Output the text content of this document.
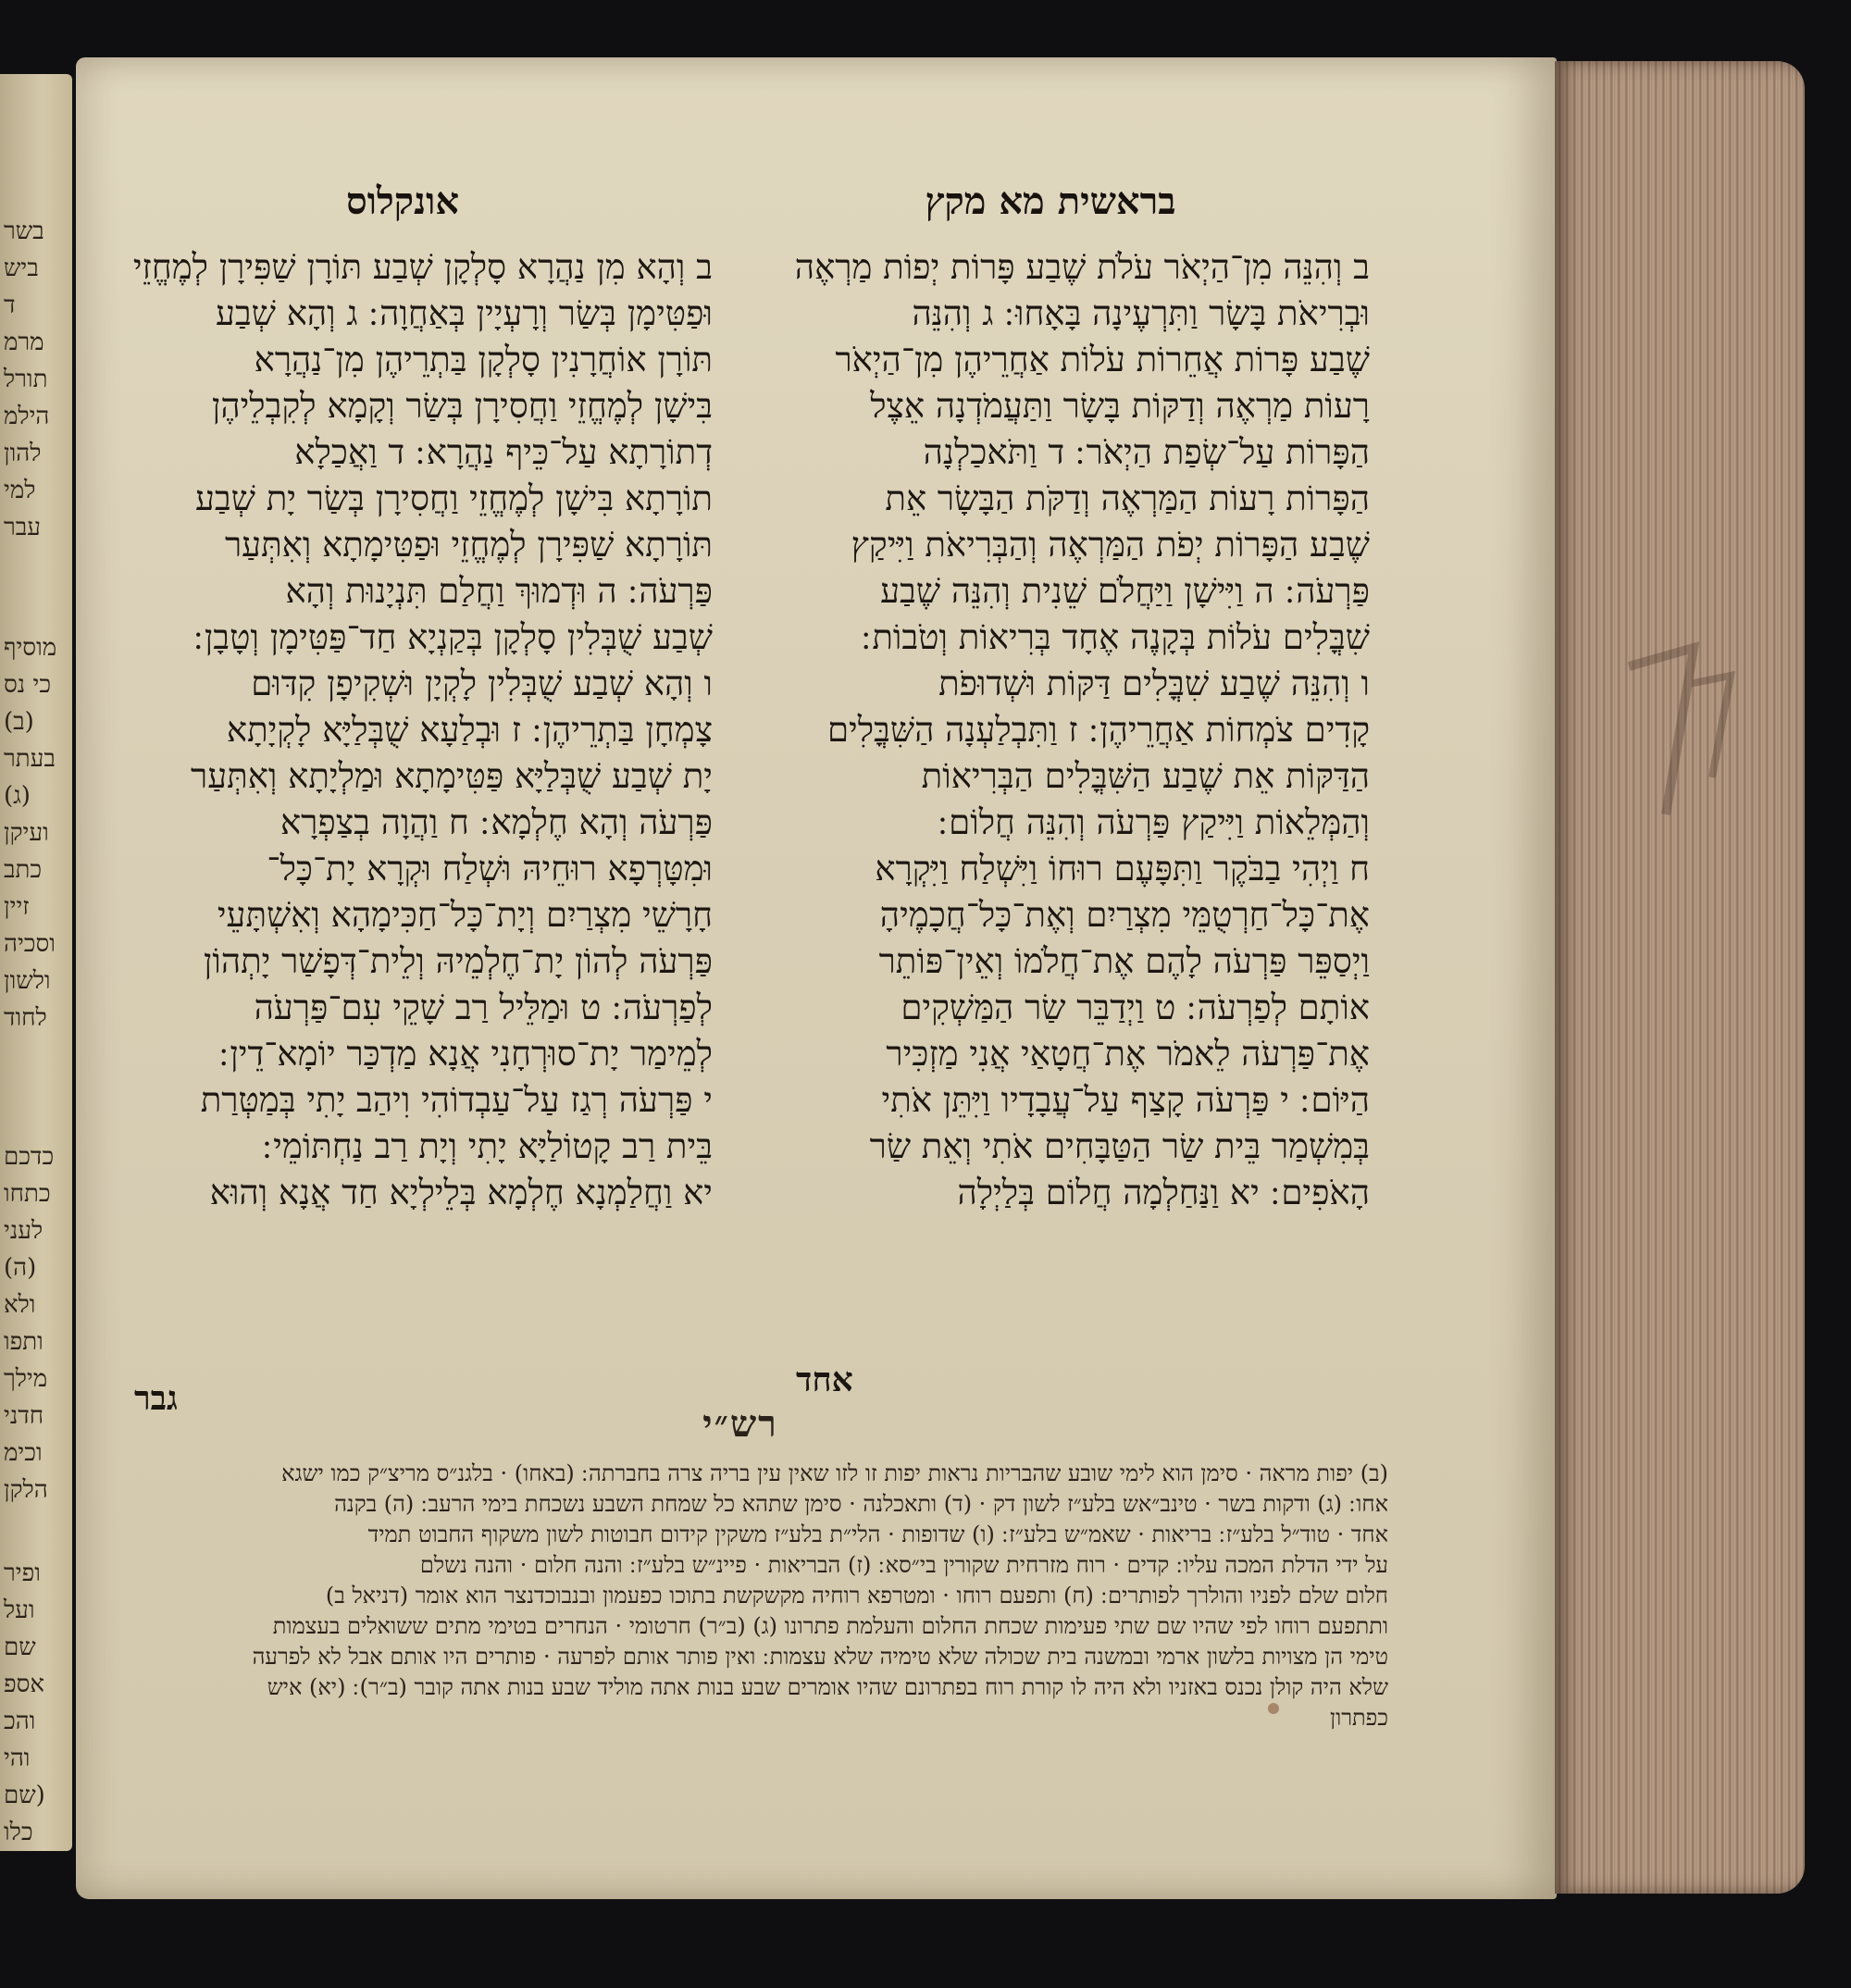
בשר
ביש
ד
מרמ
תורל
הילמ
להון
למי
עבר
מוסיף
כי נס
(ב)
בעתר
(ג)
ועיקן
כתב
זיין
וסכיה
ולשון
לחוד
כדכם
כתחו
לעני
(ה)
ולא
ותפו
מילך
חדני
וכימ
הלקן
ופיר
ועל
שם
אספ
והכ
והי
(שם
כלו
בראשית מא מקץ
ב וְהִנֵּה מִן־הַיְאֹר עֹלֹת שֶׁבַע פָּרוֹת יְפוֹת מַרְאֶה
וּבְרִיאֹת בָּשָׂר וַתִּרְעֶינָה בָּאָחוּ ׃ ג וְהִנֵּה
שֶׁבַע פָּרוֹת אֲחֵרוֹת עֹלוֹת אַחֲרֵיהֶן מִן־הַיְאֹר
רָעוֹת מַרְאֶה וְדַקּוֹת בָּשָׂר וַתַּעֲמֹדְנָה אֵצֶל
הַפָּרוֹת עַל־שְׂפַת הַיְאֹר ׃ ד וַתֹּאכַלְנָה
הַפָּרוֹת רָעוֹת הַמַּרְאֶה וְדַקֹּת הַבָּשָׂר אֵת
שֶׁבַע הַפָּרוֹת יְפֹת הַמַּרְאֶה וְהַבְּרִיאֹת וַיִּיקַץ
פַּרְעֹה ׃ ה וַיִּישָׁן וַיַּחֲלֹם שֵׁנִית וְהִנֵּה שֶׁבַע
שִׁבֳּלִים עֹלוֹת בְּקָנֶה אֶחָד בְּרִיאוֹת וְטֹבוֹת ׃
ו וְהִנֵּה שֶׁבַע שִׁבֳּלִים דַּקּוֹת וּשְׁדוּפֹת
קָדִים צֹמְחוֹת אַחֲרֵיהֶן ׃ ז וַתִּבְלַעְנָה הַשִּׁבֳּלִים
הַדַּקּוֹת אֵת שֶׁבַע הַשִּׁבֳּלִים הַבְּרִיאוֹת
וְהַמְּלֵאוֹת וַיִּיקַץ פַּרְעֹה וְהִנֵּה חֲלוֹם ׃
ח וַיְהִי בַבֹּקֶר וַתִּפָּעֶם רוּחוֹ וַיִּשְׁלַח וַיִּקְרָא
אֶת־כָּל־חַרְטֻמֵּי מִצְרַיִם וְאֶת־כָּל־חֲכָמֶיהָ
וַיְסַפֵּר פַּרְעֹה לָהֶם אֶת־חֲלֹמוֹ וְאֵין־פּוֹתֵר
אוֹתָם לְפַרְעֹה ׃ ט וַיְדַבֵּר שַׂר הַמַּשְׁקִים
אֶת־פַּרְעֹה לֵאמֹר אֶת־חֲטָאַי אֲנִי מַזְכִּיר
הַיּוֹם ׃ י פַּרְעֹה קָצַף עַל־עֲבָדָיו וַיִּתֵּן אֹתִי
בְּמִשְׁמַר בֵּית שַׂר הַטַּבָּחִים אֹתִי וְאֵת שַׂר
הָאֹפִים ׃ יא וַנַּחַלְמָה חֲלוֹם בְּלַיְלָה
אונקלוס
ב וְהָא מִן נַהֲרָא סָלְקָן שְׁבַע תּוֹרָן שַׁפִּירָן לְמֶחֱזֵי
וּפַטִּימָן בְּשַׂר וְרָעְיָין בְּאַחֲוָה ׃ ג וְהָא שְׁבַע
תּוֹרָן אוֹחֲרָנִין סָלְקָן בַּתְרֵיהֶן מִן־נַהֲרָא
בִּישָׁן לְמֶחֱזֵי וַחֲסִירָן בְּשַׂר וְקָמָא לְקִבְלֵיהֶן
דְתוֹרָתָא עַל־כֵּיף נַהֲרָא ׃ ד וַאֲכַלָא
תוֹרָתָא בִּישָׁן לְמֶחֱזֵי וַחֲסִירָן בְּשַׂר יָת שְׁבַע
תּוֹרָתָא שַׁפִּירָן לְמֶחֱזֵי וּפַטִּימָתָא וְאִתְּעַר
פַּרְעֹה ׃ ה וּדְמוּךְ וַחֲלַם תִּנְיָנוּת וְהָא
שְׁבַע שֻׁבְּלִין סָלְקָן בְּקַנְיָא חַד־פַּטִּימָן וְטָבָן ׃
ו וְהָא שְׁבַע שֻׁבְּלִין לָקְיָן וּשְׁקִיפָן קִדּוּם
צָמְחָן בַּתְרֵיהֶן ׃ ז וּבְלַעָא שֻׁבְּלַיָּא לָקְיָתָא
יָת שְׁבַע שֻׁבְּלַיָּא פַּטִּימָתָא וּמַלְיָתָא וְאִתְּעַר
פַּרְעֹה וְהָא חֶלְמָא ׃ ח וַהֲוָה בְצַפְרָא
וּמִטָּרְפָא רוּחֵיהּ וּשְׁלַח וּקְרָא יָת־כָּל־
חָרָשֵׁי מִצְרַיִם וְיָת־כָּל־חַכִּימָהָא וְאִשְׁתָּעֵי
פַּרְעֹה לְהוֹן יָת־חֶלְמֵיהּ וְלֵית־דְּפָשַׁר יָתְהוֹן
לְפַרְעֹה ׃ ט וּמַלֵּיל רַב שָׁקֵי עִם־פַּרְעֹה
לְמֵימַר יָת־סוּרְחָנִי אֲנָא מַדְכַּר יוֹמָא־דֵין ׃
י פַּרְעֹה רְגַז עַל־עַבְדוֹהִי וִיהַב יָתִי בְּמַטְּרַת
בֵּית רַב קָטוֹלַיָּא יָתִי וְיָת רַב נַחְתּוֹמֵי ׃
יא וַחֲלַמְנָא חֶלְמָא בְּלֵילְיָא חַד אֲנָא וְהוּא
אחד
גבר
רש״י
(ב) יפות מראה · סימן הוא לימי שובע שהבריות נראות יפות זו לזו שאין עין בריה צרה בחברתה ׃ (באחו) · בלגנ״ס מריצ״ק כמו ישגא
אחו ׃ (ג) ודקות בשר · טינב״אש בלע״ז לשון דק · (ד) ותאכלנה · סימן שתהא כל שמחת השבע נשכחת בימי הרעב ׃ (ה) בקנה
אחד · טוד״ל בלע״ז ׃ בריאות · שאמ״ש בלע״ז ׃ (ו) שדופות · הלי״ת בלע״ז משקין קידום חבוטות לשון משקוף החבוט תמיד
על ידי הדלת המכה עליו ׃ קדים · רוח מזרחית שקורין בי״סא ׃ (ז) הבריאות · פיינ״ש בלע״ז ׃ והנה חלום · והנה נשלם
חלום שלם לפניו והולרך לפותרים ׃ (ח) ותפעם רוחו · ומטרפא רוחיה מקשקשת בתוכו כפעמון ובנבוכדנצר הוא אומר (דניאל ב)
ותתפעם רוחו לפי שהיו שם שתי פעימות שכחת החלום והעלמת פתרונו (ג) (ב״ר) חרטומי · הנחרים בטימי מתים ששואלים בעצמות
טימי הן מצויות בלשון ארמי ובמשנה בית שכולה שלא טימיה שלא עצמות ׃ ואין פותר אותם לפרעה · פותרים היו אותם אבל לא לפרעה
שלא היה קולן נכנס באזניו ולא היה לו קורת רוח בפתרונם שהיו אומרים שבע בנות אתה מוליד שבע בנות אתה קובר (ב״ר) ׃ (יא) איש
כפתרון
